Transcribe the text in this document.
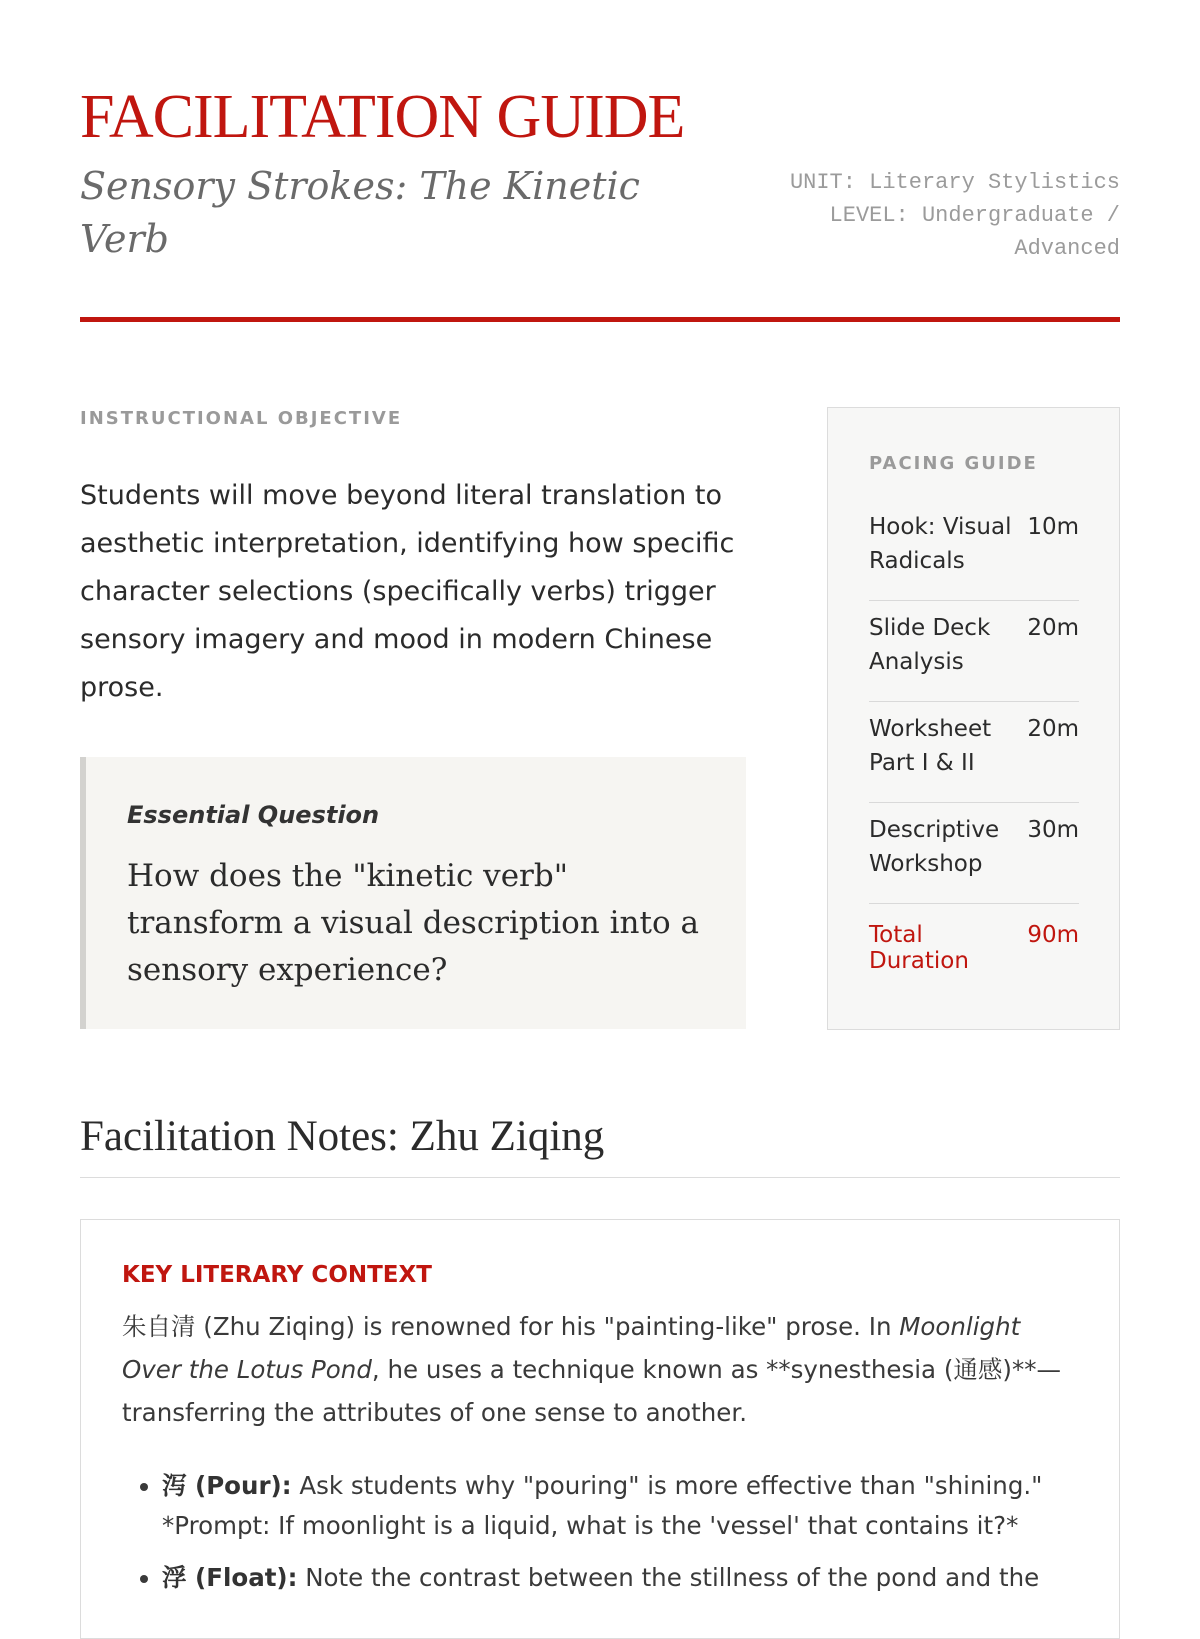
FACILITATION GUIDE
Sensory Strokes: The Kinetic Verb
UNIT: Literary Stylistics
LEVEL: Undergraduate / Advanced
INSTRUCTIONAL OBJECTIVE

Students will move beyond literal translation to aesthetic interpretation, identifying how specific character selections (specifically verbs) trigger sensory imagery and mood in modern Chinese prose.

Essential Question

How does the "kinetic verb" transform a visual description into a sensory experience?

PACING GUIDE
Hook: Visual Radicals
10m
Slide Deck Analysis
20m
Worksheet Part I & II
20m
Descriptive Workshop
30m
Total Duration
90m
Facilitation Notes: Zhu Ziqing
KEY LITERARY CONTEXT

朱自清 (Zhu Ziqing) is renowned for his "painting-like" prose. In Moonlight Over the Lotus Pond, he uses a technique known as **synesthesia (通感)**—transferring the attributes of one sense to another.

• 泻 (Pour): Ask students why "pouring" is more effective than "shining." *Prompt: If moonlight is a liquid, what is the 'vessel' that contains it?*
• 浮 (Float): Note the contrast between the stillness of the pond and the
